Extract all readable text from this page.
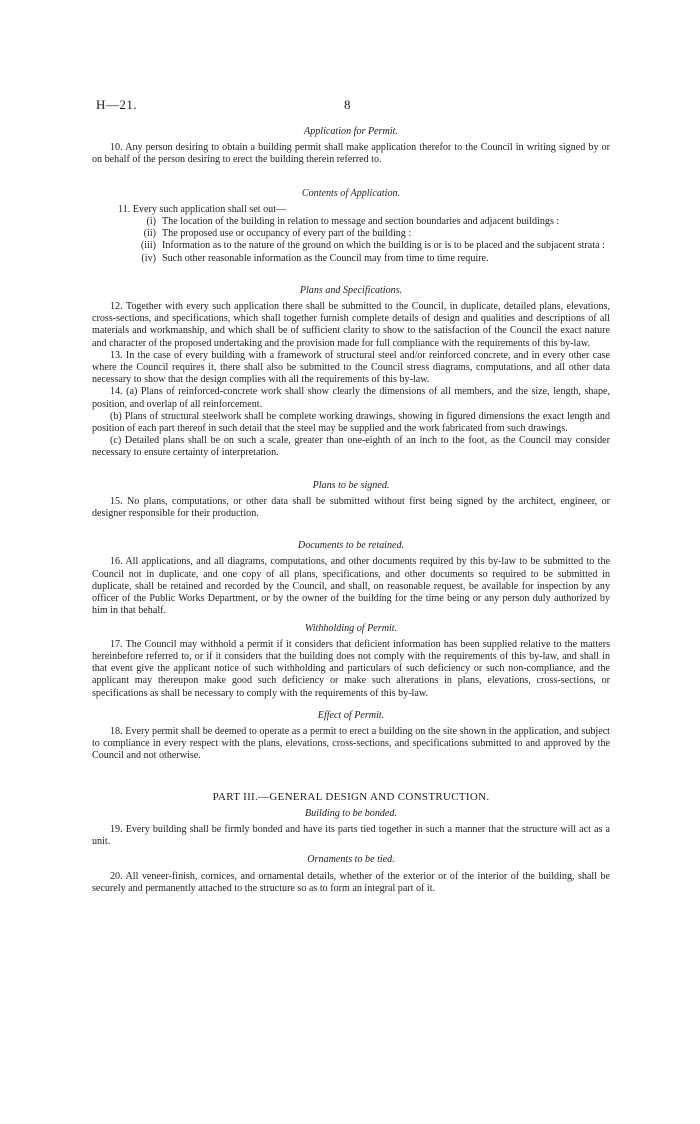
H—21.	8

Application for Permit.

10. Any person desiring to obtain a building permit shall make application therefor to the Council in writing signed by or on behalf of the person desiring to erect the building therein referred to.

Contents of Application.

11. Every such application shall set out—

(i) The location of the building in relation to message and section boundaries and adjacent buildings :
(ii) The proposed use or occupancy of every part of the building :
(iii) Information as to the nature of the ground on which the building is or is to be placed and the subjacent strata :
(iv) Such other reasonable information as the Council may from time to time require.

Plans and Specifications.

12. Together with every such application there shall be submitted to the Council, in duplicate, detailed plans, elevations, cross-sections, and specifications, which shall together furnish complete details of design and qualities and descriptions of all materials and workmanship, and which shall be of sufficient clarity to show to the satisfaction of the Council the exact nature and character of the proposed undertaking and the provision made for full compliance with the requirements of this by-law.

13. In the case of every building with a framework of structural steel and/or reinforced concrete, and in every other case where the Council requires it, there shall also be submitted to the Council stress diagrams, computations, and all other data necessary to show that the design complies with all the requirements of this by-law.

14. (a) Plans of reinforced-concrete work shall show clearly the dimensions of all members, and the size, length, shape, position, and overlap of all reinforcement.

(b) Plans of structural steelwork shall be complete working drawings, showing in figured dimensions the exact length and position of each part thereof in such detail that the steel may be supplied and the work fabricated from such drawings.

(c) Detailed plans shall be on such a scale, greater than one-eighth of an inch to the foot, as the Council may consider necessary to ensure certainty of interpretation.

Plans to be signed.

15. No plans, computations, or other data shall be submitted without first being signed by the architect, engineer, or designer responsible for their production.

Documents to be retained.

16. All applications, and all diagrams, computations, and other documents required by this by-law to be submitted to the Council not in duplicate, and one copy of all plans, specifications, and other documents so required to be submitted in duplicate, shall be retained and recorded by the Council, and shall, on reasonable request, be available for inspection by any officer of the Public Works Department, or by the owner of the building for the time being or any person duly authorized by him in that behalf.

Withholding of Permit.

17. The Council may withhold a permit if it considers that deficient information has been supplied relative to the matters hereinbefore referred to, or if it considers that the building does not comply with the requirements of this by-law, and shall in that event give the applicant notice of such withholding and particulars of such deficiency or such non-compliance, and the applicant may thereupon make good such deficiency or make such alterations in plans, elevations, cross-sections, or specifications as shall be necessary to comply with the requirements of this by-law.

Effect of Permit.

18. Every permit shall be deemed to operate as a permit to erect a building on the site shown in the application, and subject to compliance in every respect with the plans, elevations, cross-sections, and specifications submitted to and approved by the Council and not otherwise.

PART III.—GENERAL DESIGN AND CONSTRUCTION.

Building to be bonded.

19. Every building shall be firmly bonded and have its parts tied together in such a manner that the structure will act as a unit.

Ornaments to be tied.

20. All veneer-finish, cornices, and ornamental details, whether of the exterior or of the interior of the building, shall be securely and permanently attached to the structure so as to form an integral part of it.
